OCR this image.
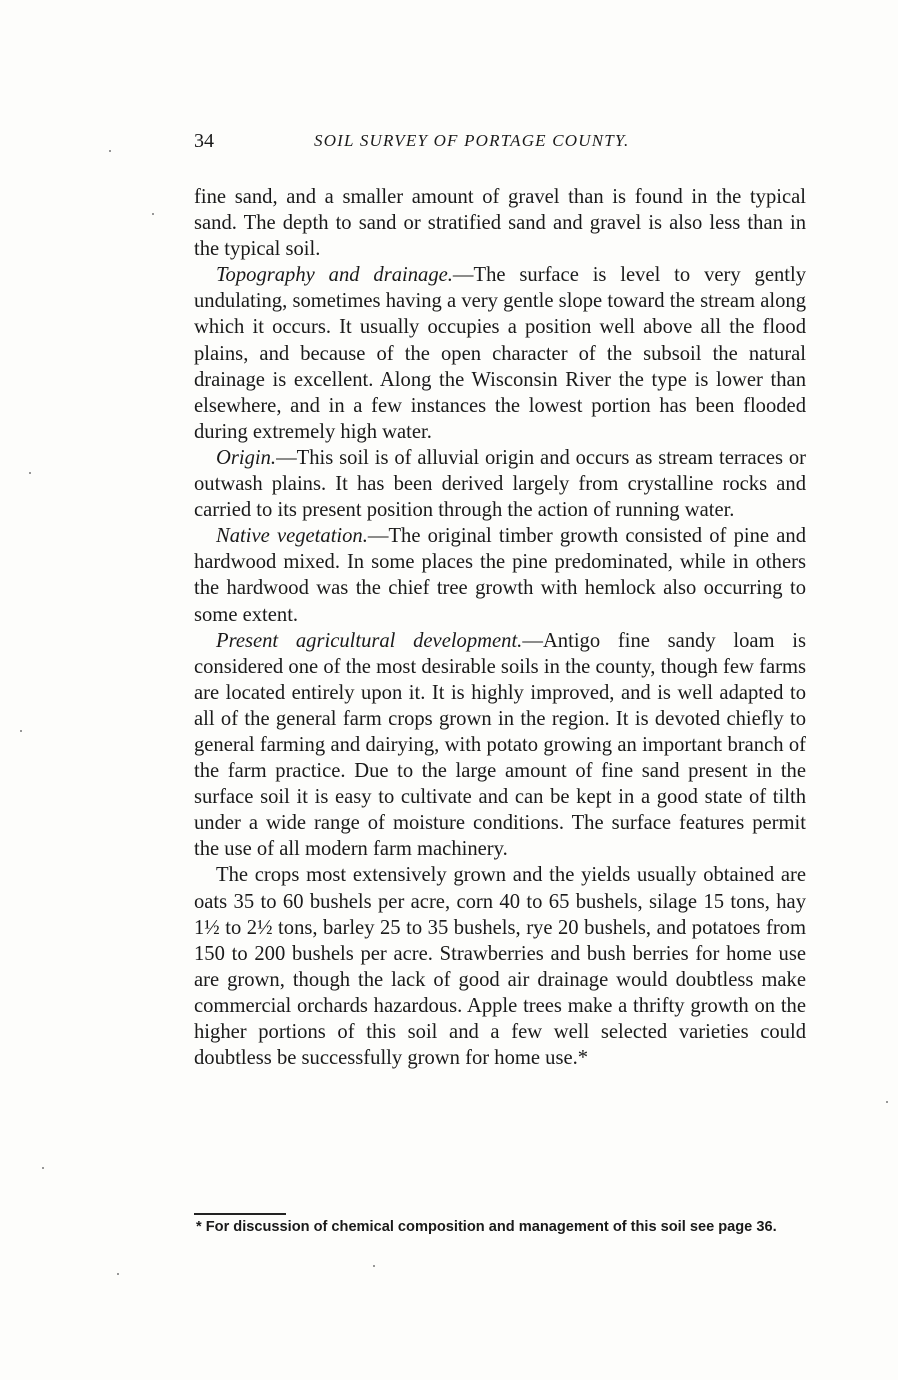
34	SOIL SURVEY OF PORTAGE COUNTY.

fine sand, and a smaller amount of gravel than is found in the typical sand. The depth to sand or stratified sand and gravel is also less than in the typical soil.

Topography and drainage.—The surface is level to very gently undulating, sometimes having a very gentle slope toward the stream along which it occurs. It usually occupies a position well above all the flood plains, and because of the open character of the subsoil the natural drainage is excellent. Along the Wisconsin River the type is lower than elsewhere, and in a few instances the lowest portion has been flooded during extremely high water.

Origin.—This soil is of alluvial origin and occurs as stream terraces or outwash plains. It has been derived largely from crystalline rocks and carried to its present position through the action of running water.

Native vegetation.—The original timber growth consisted of pine and hardwood mixed. In some places the pine predominated, while in others the hardwood was the chief tree growth with hemlock also occurring to some extent.

Present agricultural development.—Antigo fine sandy loam is considered one of the most desirable soils in the county, though few farms are located entirely upon it. It is highly improved, and is well adapted to all of the general farm crops grown in the region. It is devoted chiefly to general farming and dairying, with potato growing an important branch of the farm practice. Due to the large amount of fine sand present in the surface soil it is easy to cultivate and can be kept in a good state of tilth under a wide range of moisture conditions. The surface features permit the use of all modern farm machinery.

The crops most extensively grown and the yields usually obtained are oats 35 to 60 bushels per acre, corn 40 to 65 bushels, silage 15 tons, hay 1½ to 2½ tons, barley 25 to 35 bushels, rye 20 bushels, and potatoes from 150 to 200 bushels per acre. Strawberries and bush berries for home use are grown, though the lack of good air drainage would doubtless make commercial orchards hazardous. Apple trees make a thrifty growth on the higher portions of this soil and a few well selected varieties could doubtless be successfully grown for home use.*

* For discussion of chemical composition and management of this soil see page 36.
